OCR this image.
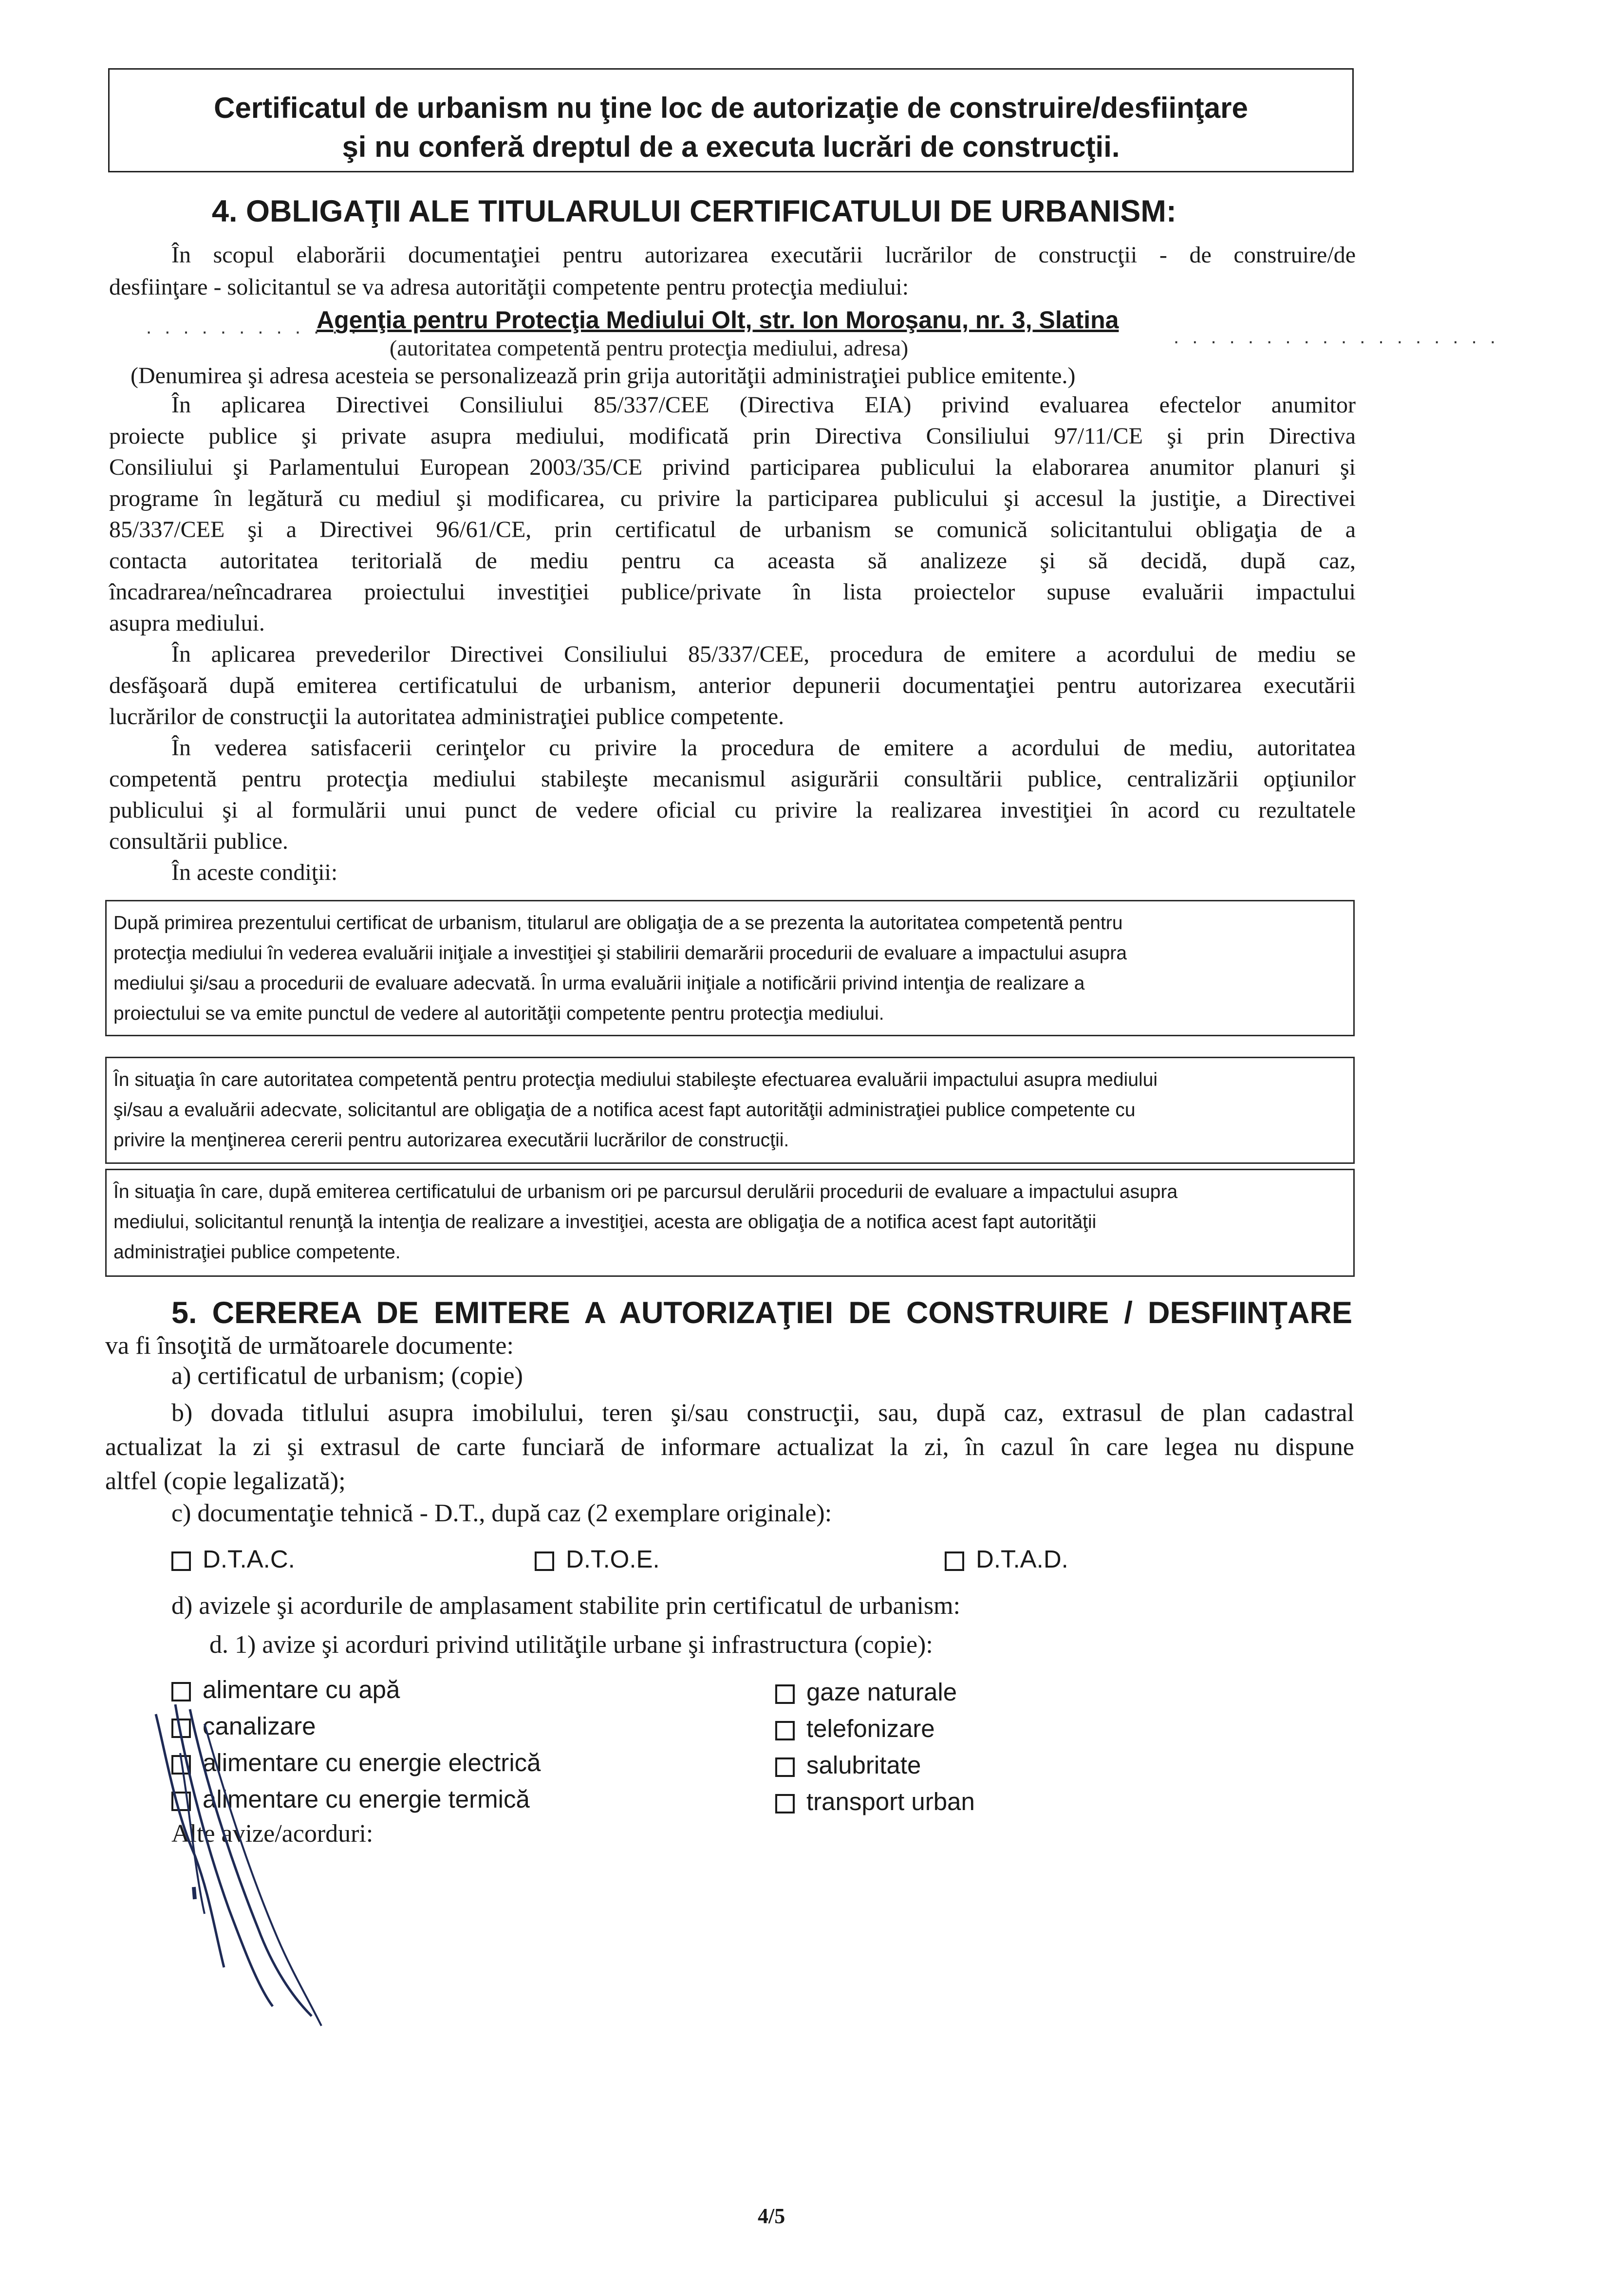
Certificatul de urbanism nu ţine loc de autorizaţie de construire/desfiinţare
şi nu conferă dreptul de a executa lucrări de construcţii.
4. OBLIGAŢII ALE TITULARULUI CERTIFICATULUI DE URBANISM:
În scopul elaborării documentaţiei pentru autorizarea executării lucrărilor de construcţii - de construire/de
desfiinţare - solicitantul se va adresa autorităţii competente pentru protecţia mediului:
. . . . . . . . . . . .
Agenţia pentru Protecţia Mediului Olt, str. Ion Moroşanu, nr. 3, Slatina
. . . . . . . . . . . . . . . . . .
(autoritatea competentă pentru protecţia mediului, adresa)
(Denumirea şi adresa acesteia se personalizează prin grija autorităţii administraţiei publice emitente.)
În aplicarea Directivei Consiliului 85/337/CEE (Directiva EIA) privind evaluarea efectelor anumitor
proiecte publice şi private asupra mediului, modificată prin Directiva Consiliului 97/11/CE şi prin Directiva
Consiliului şi Parlamentului European 2003/35/CE privind participarea publicului la elaborarea anumitor planuri şi
programe în legătură cu mediul şi modificarea, cu privire la participarea publicului şi accesul la justiţie, a Directivei
85/337/CEE şi a Directivei 96/61/CE, prin certificatul de urbanism se comunică solicitantului obligaţia de a
contacta autoritatea teritorială de mediu pentru ca aceasta să analizeze şi să decidă, după caz,
încadrarea/neîncadrarea proiectului investiţiei publice/private în lista proiectelor supuse evaluării impactului
asupra mediului.
În aplicarea prevederilor Directivei Consiliului 85/337/CEE, procedura de emitere a acordului de mediu se
desfăşoară după emiterea certificatului de urbanism, anterior depunerii documentaţiei pentru autorizarea executării
lucrărilor de construcţii la autoritatea administraţiei publice competente.
În vederea satisfacerii cerinţelor cu privire la procedura de emitere a acordului de mediu, autoritatea
competentă pentru protecţia mediului stabileşte mecanismul asigurării consultării publice, centralizării opţiunilor
publicului şi al formulării unui punct de vedere oficial cu privire la realizarea investiţiei în acord cu rezultatele
consultării publice.
În aceste condiţii:
După primirea prezentului certificat de urbanism, titularul are obligaţia de a se prezenta la autoritatea competentă pentru
protecţia mediului în vederea evaluării iniţiale a investiţiei şi stabilirii demarării procedurii de evaluare a impactului asupra
mediului şi/sau a procedurii de evaluare adecvată. În urma evaluării iniţiale a notificării privind intenţia de realizare a
proiectului se va emite punctul de vedere al autorităţii competente pentru protecţia mediului.
În situaţia în care autoritatea competentă pentru protecţia mediului stabileşte efectuarea evaluării impactului asupra mediului
şi/sau a evaluării adecvate, solicitantul are obligaţia de a notifica acest fapt autorităţii administraţiei publice competente cu
privire la menţinerea cererii pentru autorizarea executării lucrărilor de construcţii.
În situaţia în care, după emiterea certificatului de urbanism ori pe parcursul derulării procedurii de evaluare a impactului asupra
mediului, solicitantul renunţă la intenţia de realizare a investiţiei, acesta are obligaţia de a notifica acest fapt autorităţii
administraţiei publice competente.
5. CEREREA DE EMITERE A AUTORIZAŢIEI DE CONSTRUIRE / DESFIINŢARE
va fi însoţită de următoarele documente:
a) certificatul de urbanism; (copie)
b) dovada titlului asupra imobilului, teren şi/sau construcţii, sau, după caz, extrasul de plan cadastral
actualizat la zi şi extrasul de carte funciară de informare actualizat la zi, în cazul în care legea nu dispune
altfel (copie legalizată);
c) documentaţie tehnică - D.T., după caz (2 exemplare originale):
D.T.A.C.	D.T.O.E.	D.T.A.D.
d) avizele şi acordurile de amplasament stabilite prin certificatul de urbanism:
d. 1) avize şi acorduri privind utilităţile urbane şi infrastructura (copie):
alimentare cu apă
canalizare
alimentare cu energie electrică
alimentare cu energie termică
gaze naturale
telefonizare
salubritate
transport urban
Alte avize/acorduri:
4/5
